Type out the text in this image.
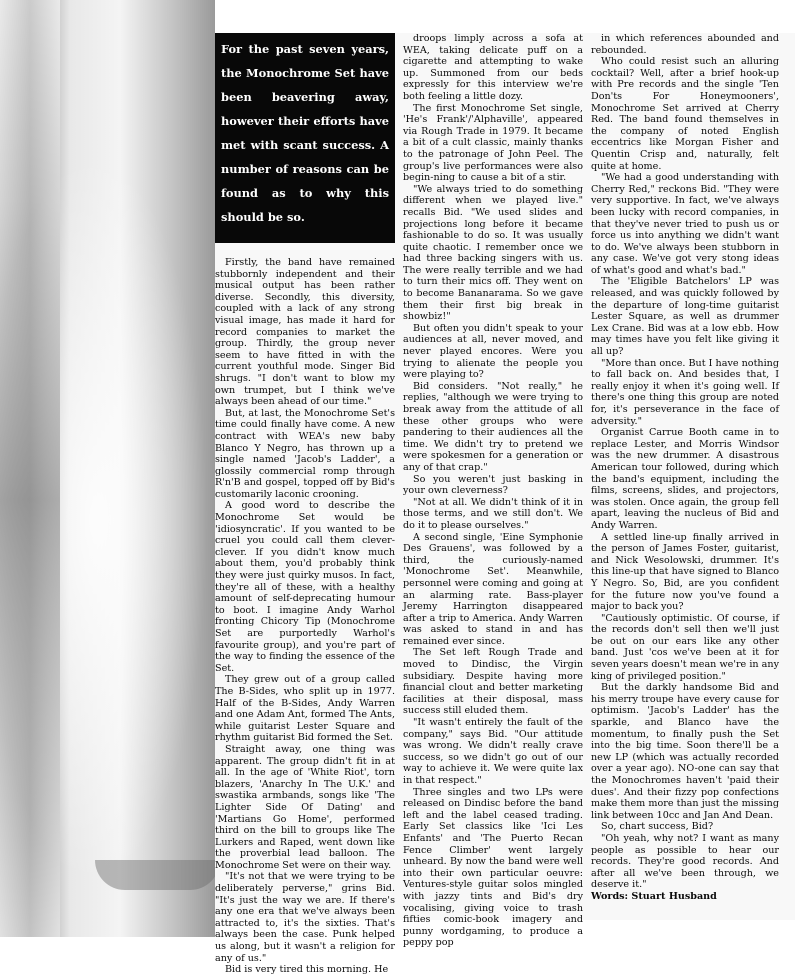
For the past seven years, the Monochrome Set have been beavering away, however their efforts have met with scant success. A number of reasons can be found as to why this should be so.

Firstly, the band have remained stubbornly independent and their musical output has been rather diverse. Secondly, this diversity, coupled with a lack of any strong visual image, has made it hard for record companies to market the group. Thirdly, the group never seem to have fitted in with the current youthful mode. Singer Bid shrugs. "I don't want to blow my own trumpet, but I think we've always been ahead of our time."

But, at last, the Monochrome Set's time could finally have come. A new contract with WEA's new baby Blanco Y Negro, has thrown up a single named 'Jacob's Ladder', a glossily commercial romp through R'n'B and gospel, topped off by Bid's customarily laconic crooning.

A good word to describe the Monochrome Set would be 'idiosyncratic'. If you wanted to be cruel you could call them clever-clever. If you didn't know much about them, you'd probably think they were just quirky musos. In fact, they're all of these, with a healthy amount of self-deprecating humour to boot. I imagine Andy Warhol fronting Chicory Tip (Monochrome Set are purportedly Warhol's favourite group), and you're part of the way to finding the essence of the Set.

They grew out of a group called The B-Sides, who split up in 1977. Half of the B-Sides, Andy Warren and one Adam Ant, formed The Ants, while guitarist Lester Square and rhythm guitarist Bid formed the Set.

Straight away, one thing was apparent. The group didn't fit in at all. In the age of 'White Riot', torn blazers, 'Anarchy In The U.K.' and swastika armbands, songs like 'The Lighter Side Of Dating' and 'Martians Go Home', performed third on the bill to groups like The Lurkers and Raped, went down like the proverbial lead balloon. The Monochrome Set were on their way.

"It's not that we were trying to be deliberately perverse," grins Bid. "It's just the way we are. If there's any one era that we've always been attracted to, it's the sixties. That's always been the case. Punk helped us along, but it wasn't a religion for any of us."

Bid is very tired this morning. He

droops limply across a sofa at WEA, taking delicate puff on a cigarette and attempting to wake up. Summoned from our beds expressly for this interview we're both feeling a little dozy.

The first Monochrome Set single, 'He's Frank'/'Alphaville', appeared via Rough Trade in 1979. It became a bit of a cult classic, mainly thanks to the patronage of John Peel. The group's live performances were also begin-ning to cause a bit of a stir.

"We always tried to do something different when we played live." recalls Bid. "We used slides and projections long before it became fashionable to do so. It was usually quite chaotic. I remember once we had three backing singers with us. The were really terrible and we had to turn their mics off. They went on to become Bananarama. So we gave them their first big break in showbiz!"

But often you didn't speak to your audiences at all, never moved, and never played encores. Were you trying to alienate the people you were playing to?

Bid considers. "Not really," he replies, "although we were trying to break away from the attitude of all these other groups who were pandering to their audiences all the time. We didn't try to pretend we were spokesmen for a generation or any of that crap."

So you weren't just basking in your own cleverness?

"Not at all. We didn't think of it in those terms, and we still don't. We do it to please ourselves."

A second single, 'Eine Symphonie Des Grauens', was followed by a third, the curiously-named 'Monochrome Set'. Meanwhile, personnel were coming and going at an alarming rate. Bass-player Jeremy Harrington disappeared after a trip to America. Andy Warren was asked to stand in and has remained ever since.

The Set left Rough Trade and moved to Dindisc, the Virgin subsidiary. Despite having more financial clout and better marketing facilities at their disposal, mass success still eluded them.

"It wasn't entirely the fault of the company," says Bid. "Our attitude was wrong. We didn't really crave success, so we didn't go out of our way to achieve it. We were quite lax in that respect."

Three singles and two LPs were released on Dindisc before the band left and the label ceased trading. Early Set classics like 'Ici Les Enfants' and 'The Puerto Recan Fence Climber' went largely unheard. By now the band were well into their own particular oeuvre: Ventures-style guitar solos mingled with jazzy tints and Bid's dry vocalising, giving voice to trash fifties comic-book imagery and punny wordgaming, to produce a peppy pop

in which references abounded and rebounded.

Who could resist such an alluring cocktail? Well, after a brief hook-up with Pre records and the single 'Ten Don'ts For Honeymooners', Monochrome Set arrived at Cherry Red. The band found themselves in the company of noted English eccentrics like Morgan Fisher and Quentin Crisp and, naturally, felt quite at home.

"We had a good understanding with Cherry Red," reckons Bid. "They were very supportive. In fact, we've always been lucky with record companies, in that they've never tried to push us or force us into anything we didn't want to do. We've always been stubborn in any case. We've got very stong ideas of what's good and what's bad."

The 'Eligible Batchelors' LP was released, and was quickly followed by the departure of long-time guitarist Lester Square, as well as drummer Lex Crane. Bid was at a low ebb. How may times have you felt like giving it all up?

"More than once. But I have nothing to fall back on. And besides that, I really enjoy it when it's going well. If there's one thing this group are noted for, it's perseverance in the face of adversity."

Organist Carrue Booth came in to replace Lester, and Morris Windsor was the new drummer. A disastrous American tour followed, during which the band's equipment, including the films, screens, slides, and projectors, was stolen. Once again, the group fell apart, leaving the nucleus of Bid and Andy Warren.

A settled line-up finally arrived in the person of James Foster, guitarist, and Nick Wesolowski, drummer. It's this line-up that have signed to Blanco Y Negro. So, Bid, are you confident for the future now you've found a major to back you?

"Cautiously optimistic. Of course, if the records don't sell then we'll just be out on our ears like any other band. Just 'cos we've been at it for seven years doesn't mean we're in any king of privileged position."

But the darkly handsome Bid and his merry troupe have every cause for optimism. 'Jacob's Ladder' has the sparkle, and Blanco have the momentum, to finally push the Set into the big time. Soon there'll be a new LP (which was actually recorded over a year ago). NO-one can say that the Monochromes haven't 'paid their dues'. And their fizzy pop confections make them more than just the missing link between 10cc and Jan And Dean.

So, chart success, Bid?

"Oh yeah, why not? I want as many people as possible to hear our records. They're good records. And after all we've been through, we deserve it."

Words: Stuart Husband
